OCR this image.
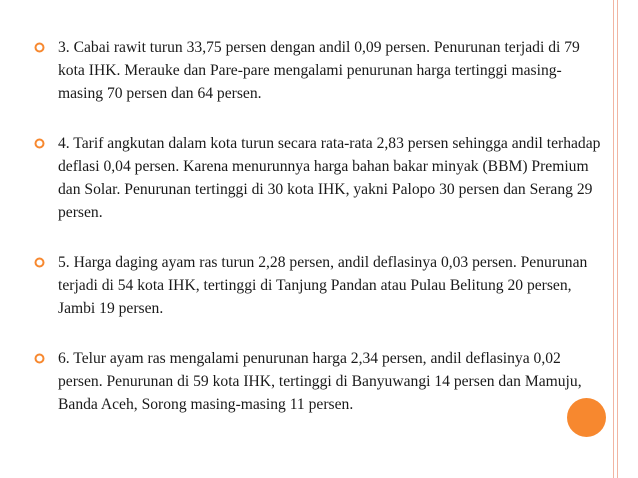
3. Cabai rawit turun 33,75 persen dengan andil 0,09 persen. Penurunan terjadi di 79 kota IHK. Merauke dan Pare-pare mengalami penurunan harga tertinggi masing-masing 70 persen dan 64 persen.
4. Tarif angkutan dalam kota turun secara rata-rata 2,83 persen sehingga andil terhadap deflasi 0,04 persen. Karena menurunnya harga bahan bakar minyak (BBM) Premium dan Solar. Penurunan tertinggi di 30 kota IHK, yakni Palopo 30 persen dan Serang 29 persen.
5. Harga daging ayam ras turun 2,28 persen, andil deflasinya 0,03 persen. Penurunan terjadi di 54 kota IHK, tertinggi di Tanjung Pandan atau Pulau Belitung 20 persen, Jambi 19 persen.
6. Telur ayam ras mengalami penurunan harga 2,34 persen, andil deflasinya 0,02 persen. Penurunan di 59 kota IHK, tertinggi di Banyuwangi 14 persen dan Mamuju, Banda Aceh, Sorong masing-masing 11 persen.
